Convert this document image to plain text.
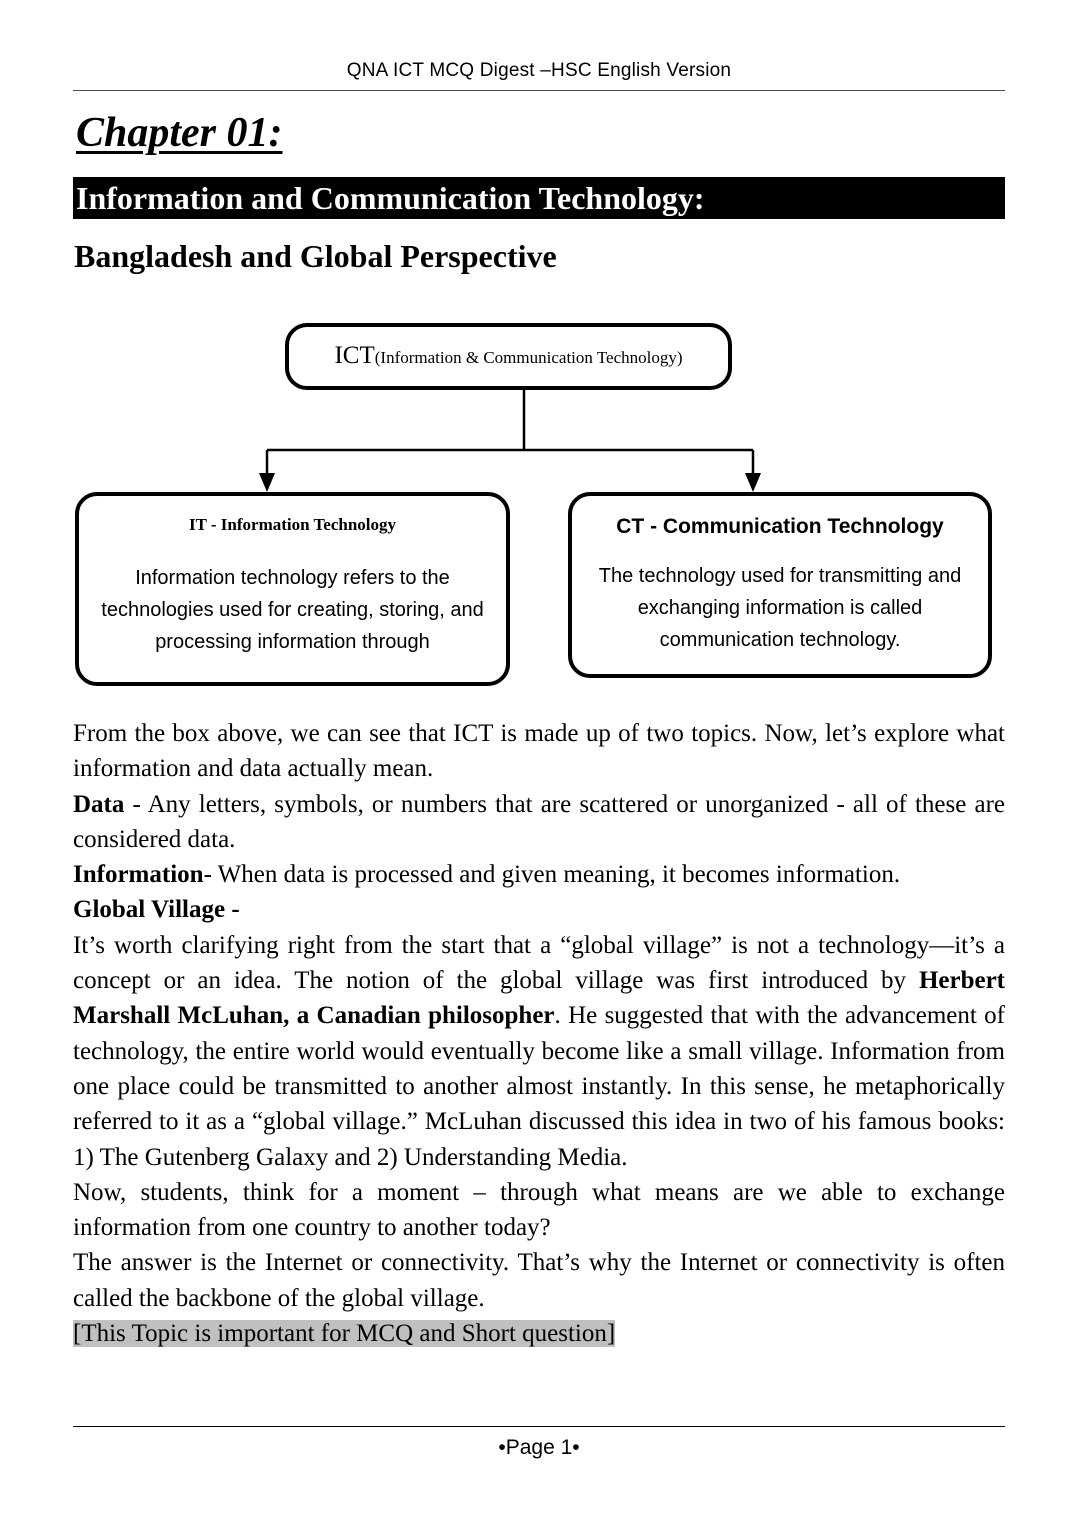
QNA ICT MCQ Digest –HSC English Version
Chapter 01:
Information and Communication Technology:
Bangladesh and Global Perspective
ICT(Information & Communication Technology)
IT - Information Technology
Information technology refers to the technologies used for creating, storing, and processing information through
CT - Communication Technology
The technology used for transmitting and exchanging information is called communication technology.

From the box above, we can see that ICT is made up of two topics. Now, let’s explore what information and data actually mean.

Data - Any letters, symbols, or numbers that are scattered or unorganized - all of these are considered data.

Information- When data is processed and given meaning, it becomes information.

Global Village -

It’s worth clarifying right from the start that a “global village” is not a technology—it’s a concept or an idea. The notion of the global village was first introduced by Herbert Marshall McLuhan, a Canadian philosopher. He suggested that with the advancement of technology, the entire world would eventually become like a small village. Information from one place could be transmitted to another almost instantly. In this sense, he metaphorically referred to it as a “global village.” McLuhan discussed this idea in two of his famous books: 1) The Gutenberg Galaxy and 2) Understanding Media.

Now, students, think for a moment – through what means are we able to exchange information from one country to another today?

The answer is the Internet or connectivity. That’s why the Internet or connectivity is often called the backbone of the global village.

[This Topic is important for MCQ and Short question]

•Page 1•
